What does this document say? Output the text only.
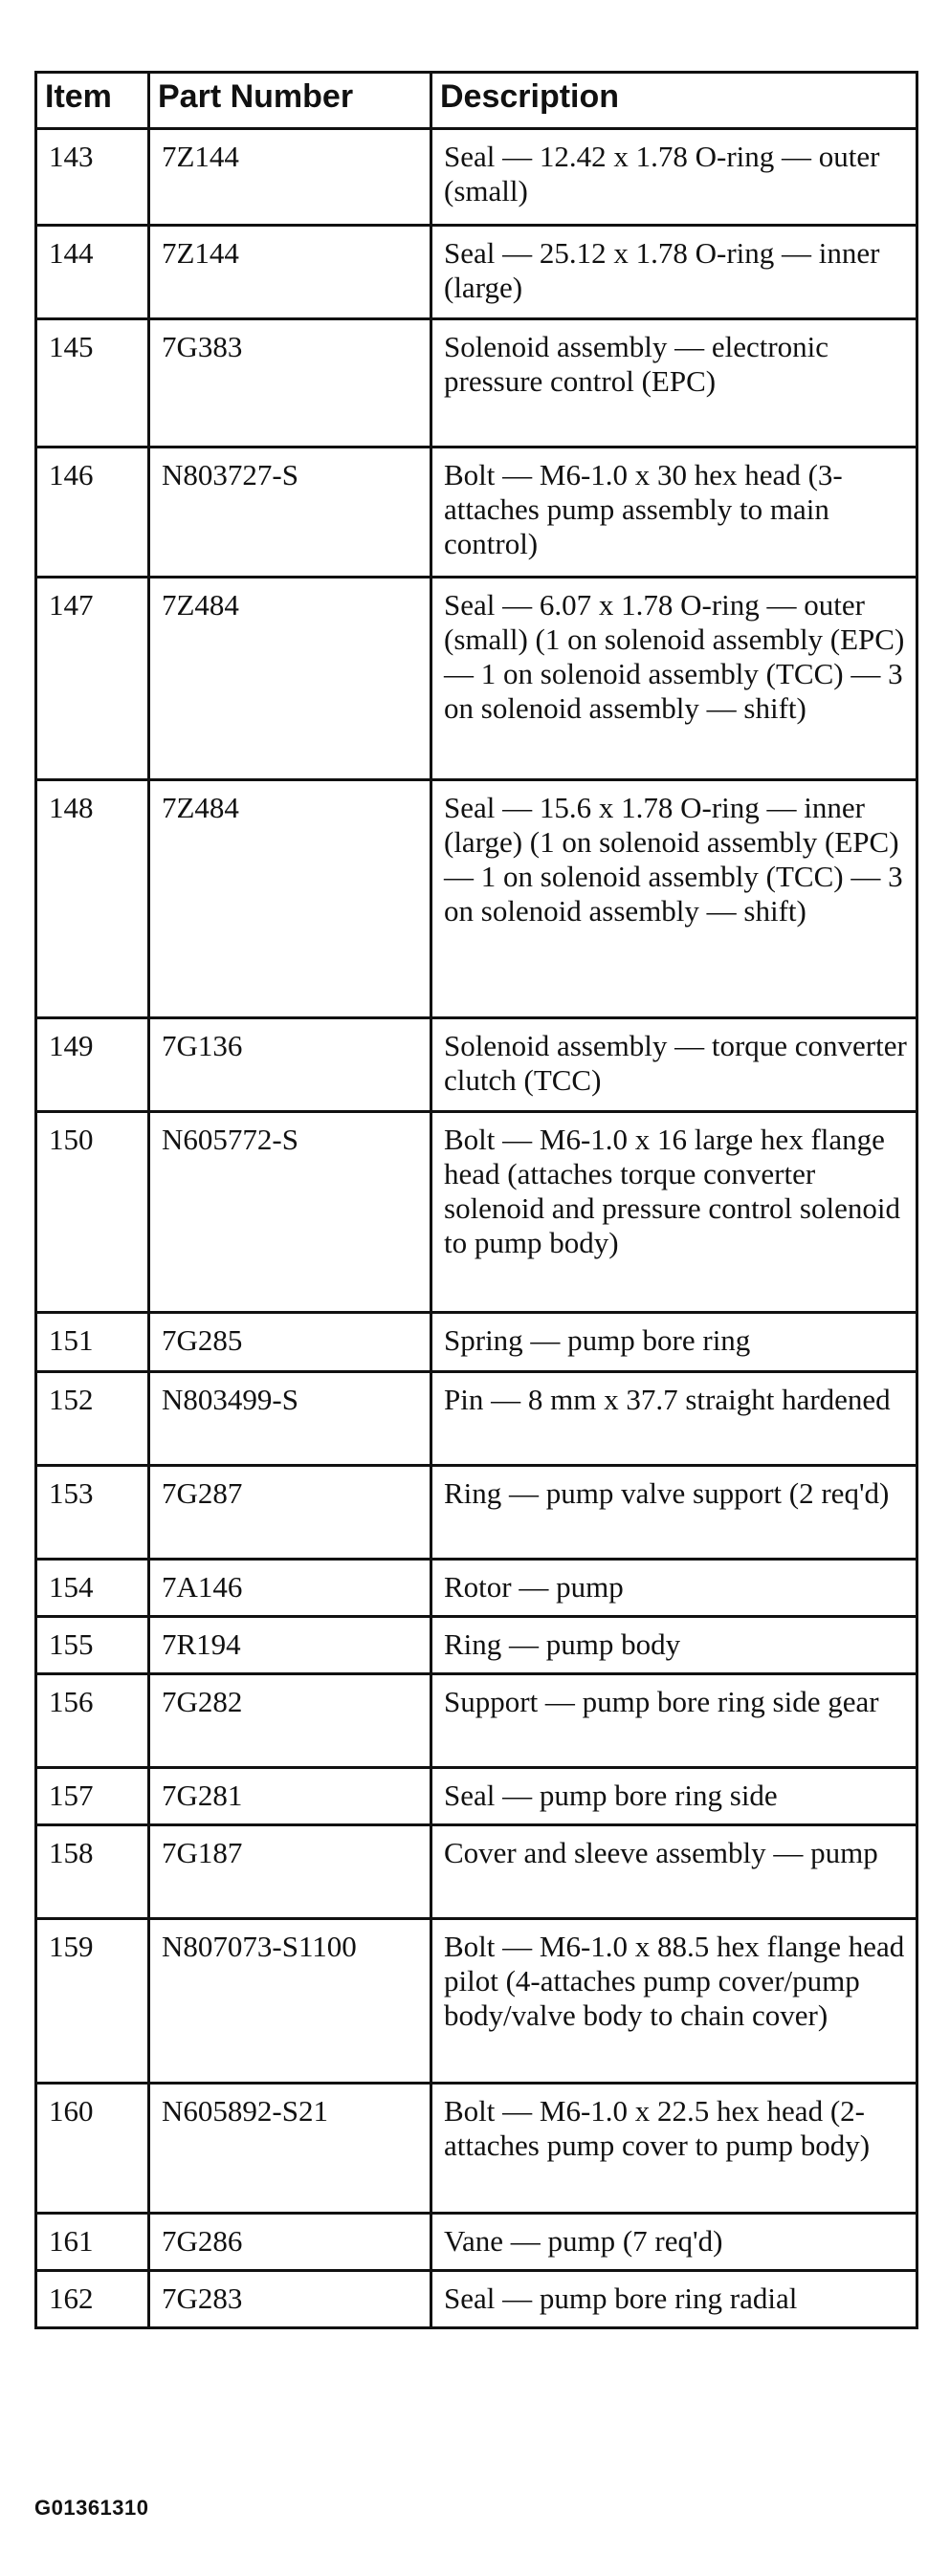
Item	Part Number	Description
143	7Z144	Seal — 12.42 x 1.78 O-ring — outer (small)
144	7Z144	Seal — 25.12 x 1.78 O-ring — inner (large)
145	7G383	Solenoid assembly — electronic pressure control (EPC)
146	N803727-S	Bolt — M6-1.0 x 30 hex head (3-attaches pump assembly to main control)
147	7Z484	Seal — 6.07 x 1.78 O-ring — outer (small) (1 on solenoid assembly (EPC) — 1 on solenoid assembly (TCC) — 3 on solenoid assembly — shift)
148	7Z484	Seal — 15.6 x 1.78 O-ring — inner (large) (1 on solenoid assembly (EPC) — 1 on solenoid assembly (TCC) — 3 on solenoid assembly — shift)
149	7G136	Solenoid assembly — torque converter clutch (TCC)
150	N605772-S	Bolt — M6-1.0 x 16 large hex flange head (attaches torque converter solenoid and pressure control solenoid to pump body)
151	7G285	Spring — pump bore ring
152	N803499-S	Pin — 8 mm x 37.7 straight hardened
153	7G287	Ring — pump valve support (2 req'd)
154	7A146	Rotor — pump
155	7R194	Ring — pump body
156	7G282	Support — pump bore ring side gear
157	7G281	Seal — pump bore ring side
158	7G187	Cover and sleeve assembly — pump
159	N807073-S1100	Bolt — M6-1.0 x 88.5 hex flange head pilot (4-attaches pump cover/pump body/valve body to chain cover)
160	N605892-S21	Bolt — M6-1.0 x 22.5 hex head (2-attaches pump cover to pump body)
161	7G286	Vane — pump (7 req'd)
162	7G283	Seal — pump bore ring radial
G01361310
